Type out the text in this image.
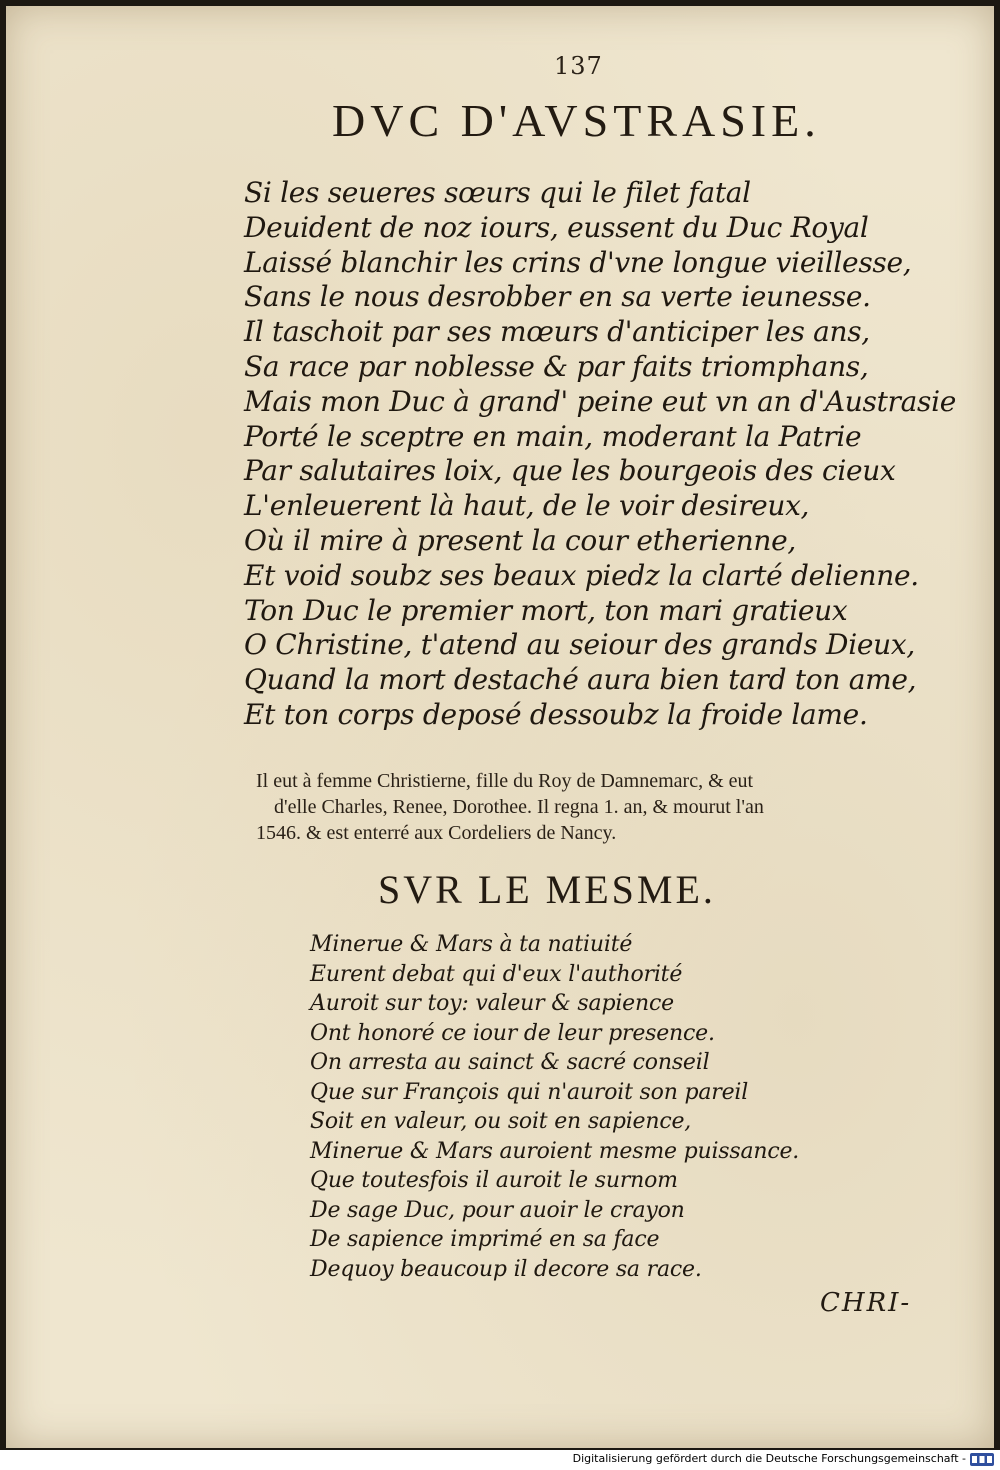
137
DVC D'AVSTRASIE.
Si les seueres sœurs qui le filet fatal
Deuident de noz iours, eussent du Duc Royal
Laissé blanchir les crins d'vne longue vieillesse,
Sans le nous desrobber en sa verte ieunesse.
Il taschoit par ses mœurs d'anticiper les ans,
Sa race par noblesse & par faits triomphans,
Mais mon Duc à grand' peine eut vn an d'Austrasie
Porté le sceptre en main, moderant la Patrie
Par salutaires loix, que les bourgeois des cieux
L'enleuerent là haut, de le voir desireux,
Où il mire à present la cour etherienne,
Et void soubz ses beaux piedz la clarté delienne.
Ton Duc le premier mort, ton mari gratieux
O Christine, t'atend au seiour des grands Dieux,
Quand la mort destaché aura bien tard ton ame,
Et ton corps deposé dessoubz la froide lame.
Il eut à femme Christierne, fille du Roy de Damnemarc, & eut
d'elle Charles, Renee, Dorothee. Il regna 1. an, & mourut l'an
1546. & est enterré aux Cordeliers de Nancy.
SVR LE MESME.
Minerue & Mars à ta natiuité
Eurent debat qui d'eux l'authorité
Auroit sur toy: valeur & sapience
Ont honoré ce iour de leur presence.
On arresta au sainct & sacré conseil
Que sur François qui n'auroit son pareil
Soit en valeur, ou soit en sapience,
Minerue & Mars auroient mesme puissance.
Que toutesfois il auroit le surnom
De sage Duc, pour auoir le crayon
De sapience imprimé en sa face
Dequoy beaucoup il decore sa race.
CHRI-
Digitalisierung gefördert durch die Deutsche Forschungsgemeinschaft -
